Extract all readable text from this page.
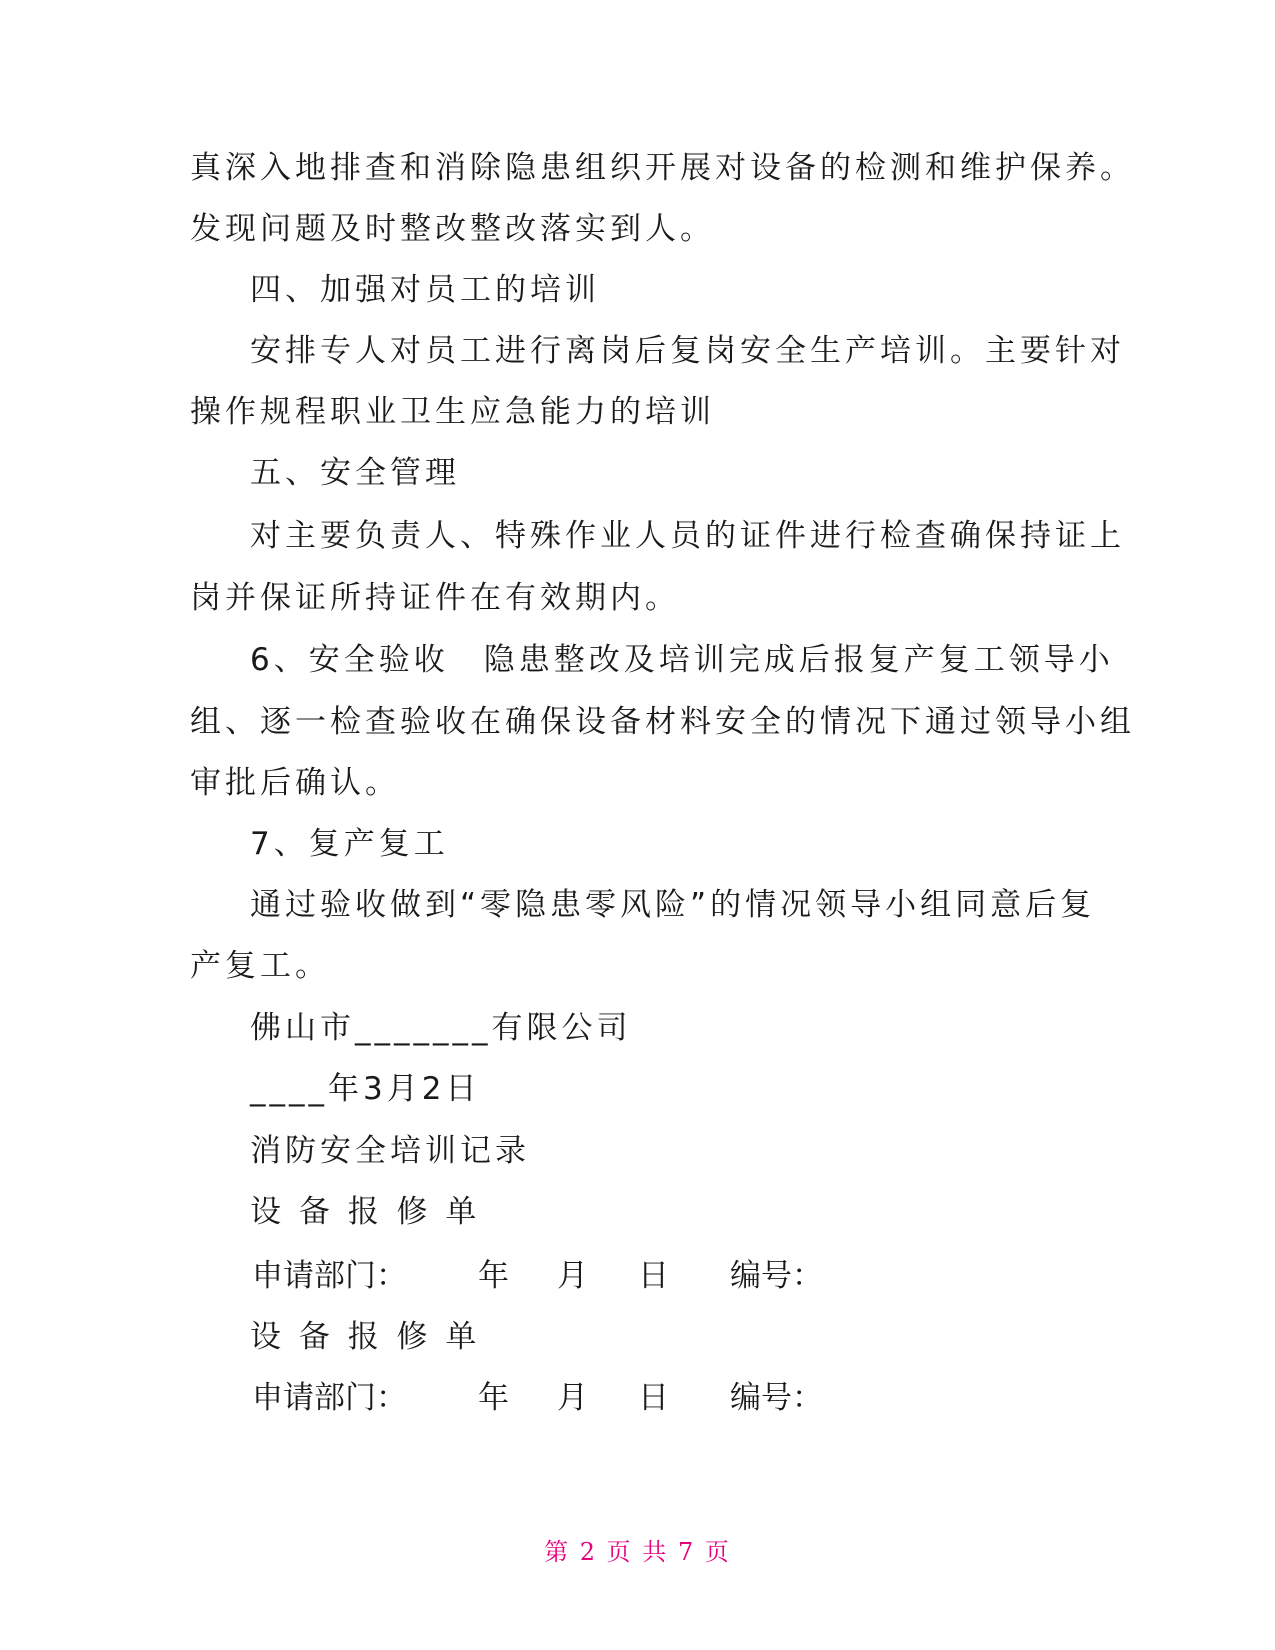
真深入地排查和消除隐患组织开展对设备的检测和维护保养。
发现问题及时整改整改落实到人。
四、加强对员工的培训
安排专人对员工进行离岗后复岗安全生产培训。主要针对
操作规程职业卫生应急能力的培训
五、安全管理
对主要负责人、特殊作业人员的证件进行检查确保持证上
岗并保证所持证件在有效期内。
6、安全验收　隐患整改及培训完成后报复产复工领导小
组、逐一检查验收在确保设备材料安全的情况下通过领导小组
审批后确认。
7、复产复工
通过验收做到“零隐患零风险”的情况领导小组同意后复
产复工。
佛山市_______有限公司
____年3月2日
消防安全培训记录
设 备 报 修 单
申请部门： 年 月 日 编号：
设 备 报 修 单
申请部门： 年 月 日 编号：
第 2 页 共 7 页
